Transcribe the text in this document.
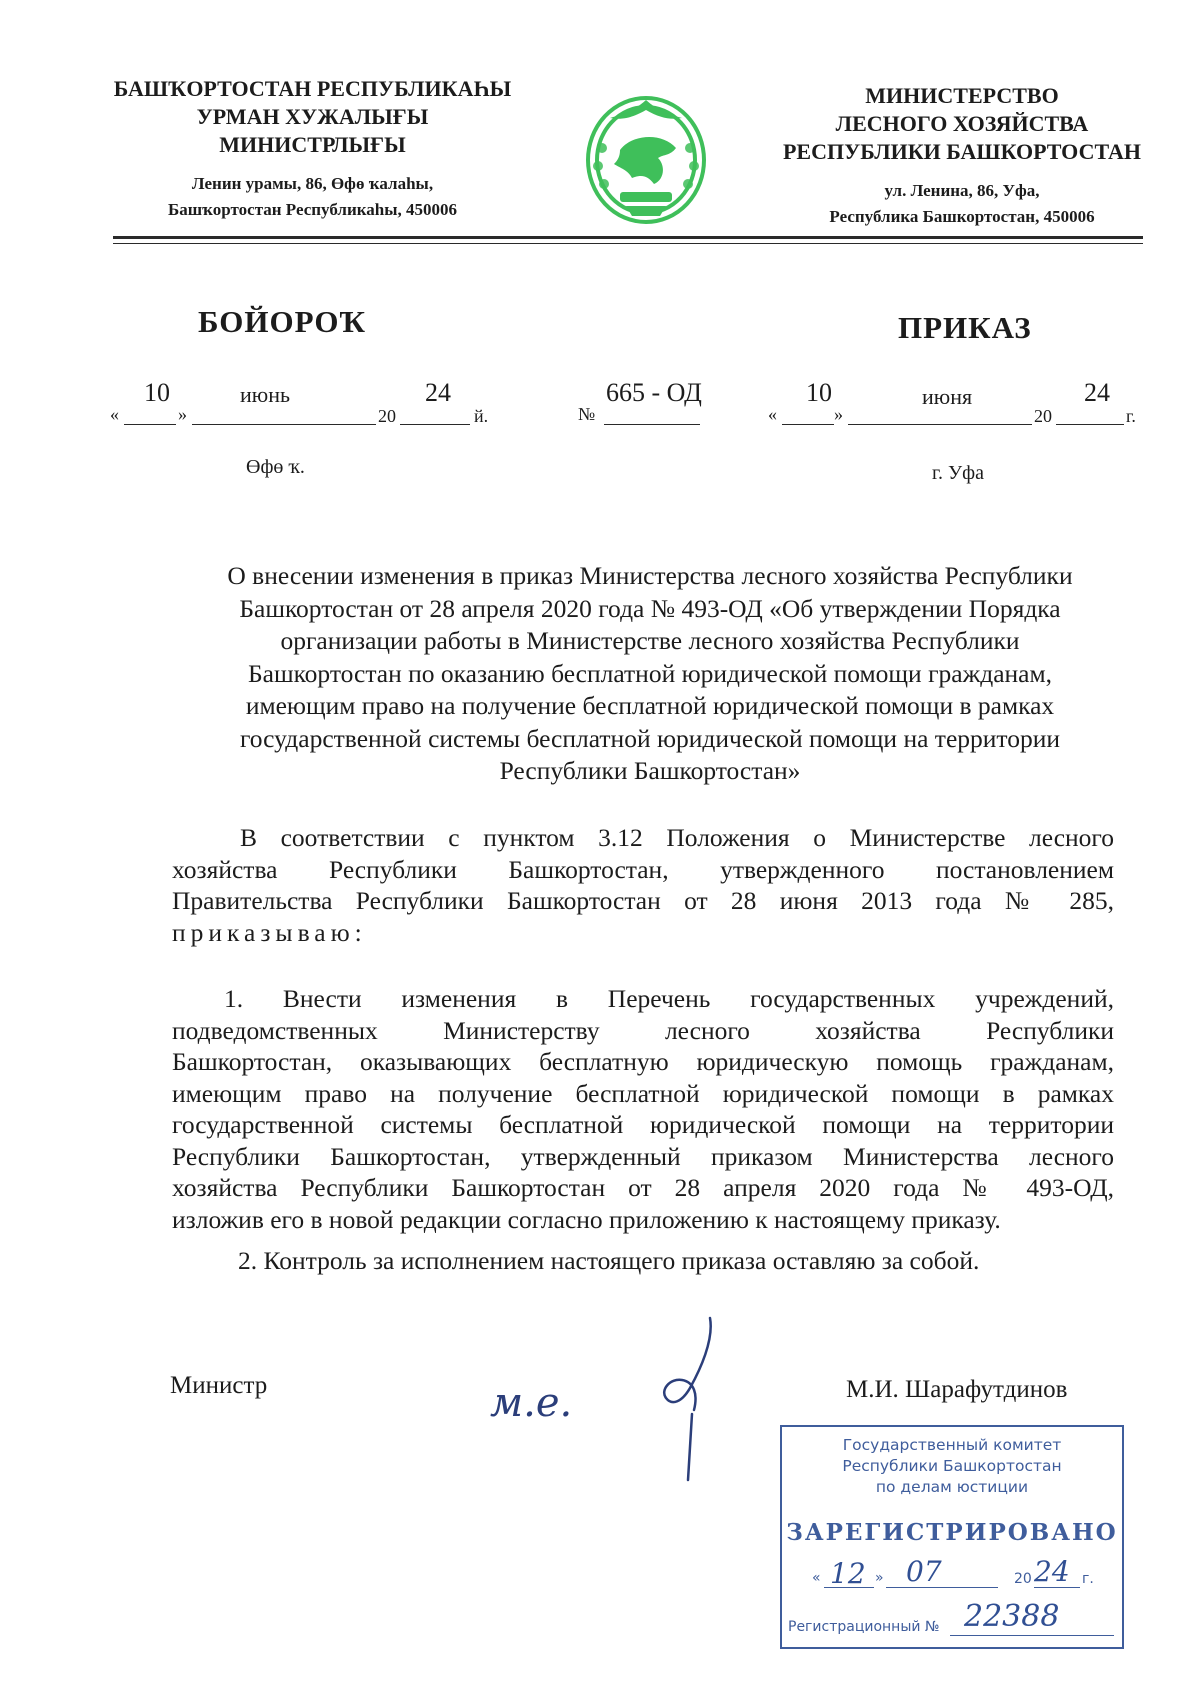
БАШҠОРТОСТАН РЕСПУБЛИКАҺЫ
УРМАН ХУЖАЛЫҒЫ
МИНИСТРЛЫҒЫ
Ленин урамы, 86, Өфө ҡалаһы,
Башҡортостан Республикаһы, 450006
МИНИСТЕРСТВО
ЛЕСНОГО ХОЗЯЙСТВА
РЕСПУБЛИКИ БАШКОРТОСТАН
ул. Ленина, 86, Уфа,
Республика Башкортостан, 450006
БОЙОРОҠ	ПРИКАЗ
«	»
10	июнь
20
24
й.
Өфө ҡ.
№
665 - ОД
«	»
10	июня
20
24
г.
г. Уфа
О внесении изменения в приказ Министерства лесного хозяйства Республики
Башкортостан от 28 апреля 2020 года № 493-ОД «Об утверждении Порядка
организации работы в Министерстве лесного хозяйства Республики
Башкортостан по оказанию бесплатной юридической помощи гражданам,
имеющим право на получение бесплатной юридической помощи в рамках
государственной системы бесплатной юридической помощи на территории
Республики Башкортостан»
В соответствии с пунктом 3.12 Положения о Министерстве лесного
хозяйства Республики Башкортостан, утвержденного постановлением
Правительства Республики Башкортостан от 28 июня 2013 года № 285,
приказываю:
1. Внести изменения в Перечень государственных учреждений,
подведомственных Министерству лесного хозяйства Республики
Башкортостан, оказывающих бесплатную юридическую помощь гражданам,
имеющим право на получение бесплатной юридической помощи в рамках
государственной системы бесплатной юридической помощи на территории
Республики Башкортостан, утвержденный приказом Министерства лесного
хозяйства Республики Башкортостан от 28 апреля 2020 года № 493-ОД,
изложив его в новой редакции согласно приложению к настоящему приказу.
2. Контроль за исполнением настоящего приказа оставляю за собой.
Министр	м.е.	М.И. Шарафутдинов
Государственный комитет
Республики Башкортостан
по делам юстиции
ЗАРЕГИСТРИРОВАНО
« 12 » 07	20 24 г.
Регистрационный № 22388
